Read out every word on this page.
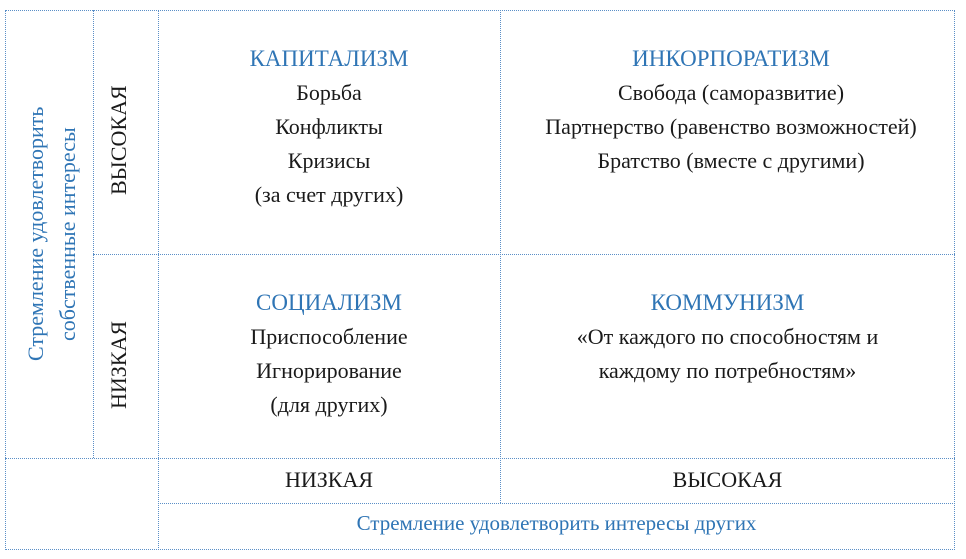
Стремление удовлетворить собственные интересы ВЫСОКАЯ
НИЗКАЯ
КАПИТАЛИЗМ
Борьба
Конфликты
Кризисы
(за счет других)
ИНКОРПОРАТИЗМ
Свобода (саморазвитие)
Партнерство (равенство возможностей)
Братство (вместе с другими)
СОЦИАЛИЗМ
Приспособление
Игнорирование
(для других)
КОММУНИЗМ
«От каждого по способностям и
каждому по потребностям»
НИЗКАЯ	ВЫСОКАЯ
Стремление удовлетворить интересы других
